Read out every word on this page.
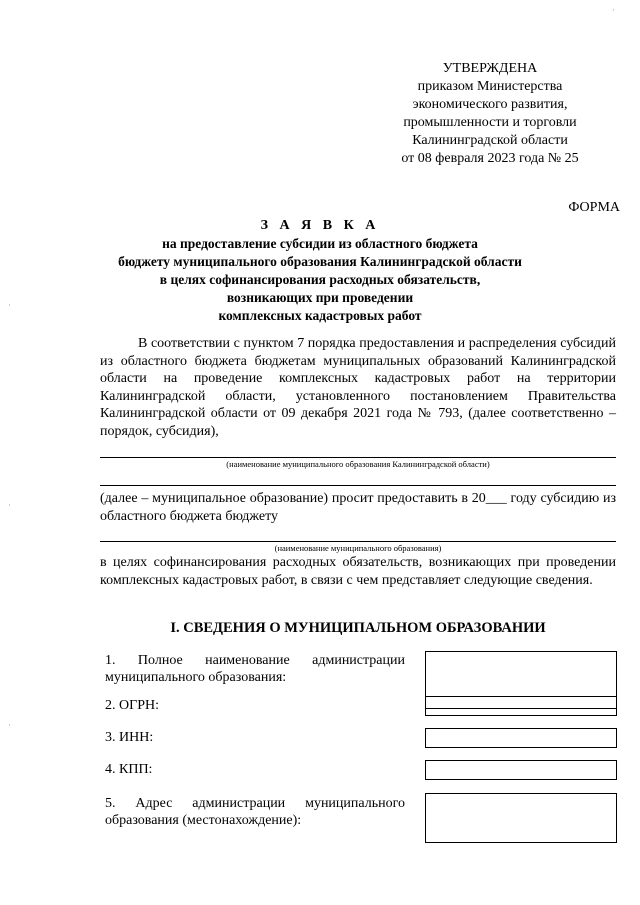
УТВЕРЖДЕНА
приказом Министерства
экономического развития,
промышленности и торговли
Калининградской области
от 08 февраля 2023 года № 25
ФОРМА
З А Я В К А
на предоставление субсидии из областного бюджета
бюджету муниципального образования Калининградской области
в целях софинансирования расходных обязательств,
возникающих при проведении
комплексных кадастровых работ
В соответствии с пунктом 7 порядка предоставления и распределения субсидий из областного бюджета бюджетам муниципальных образований Калининградской области на проведение комплексных кадастровых работ на территории Калининградской области, установленного постановлением Правительства Калининградской области от 09 декабря 2021 года № 793, (далее соответственно – порядок, субсидия),
(наименование муниципального образования Калининградской области)
(далее – муниципальное образование) просит предоставить в 20___ году субсидию из областного бюджета бюджету
(наименование муниципального образования)
в целях софинансирования расходных обязательств, возникающих при проведении комплексных кадастровых работ, в связи с чем представляет следующие сведения.
I. СВЕДЕНИЯ О МУНИЦИПАЛЬНОМ ОБРАЗОВАНИИ
1. Полное наименование администрации муниципального образования:
2. ОГРН:
3. ИНН:
4. КПП:
5. Адрес администрации муниципального образования (местонахождение):
·
·
·
·
